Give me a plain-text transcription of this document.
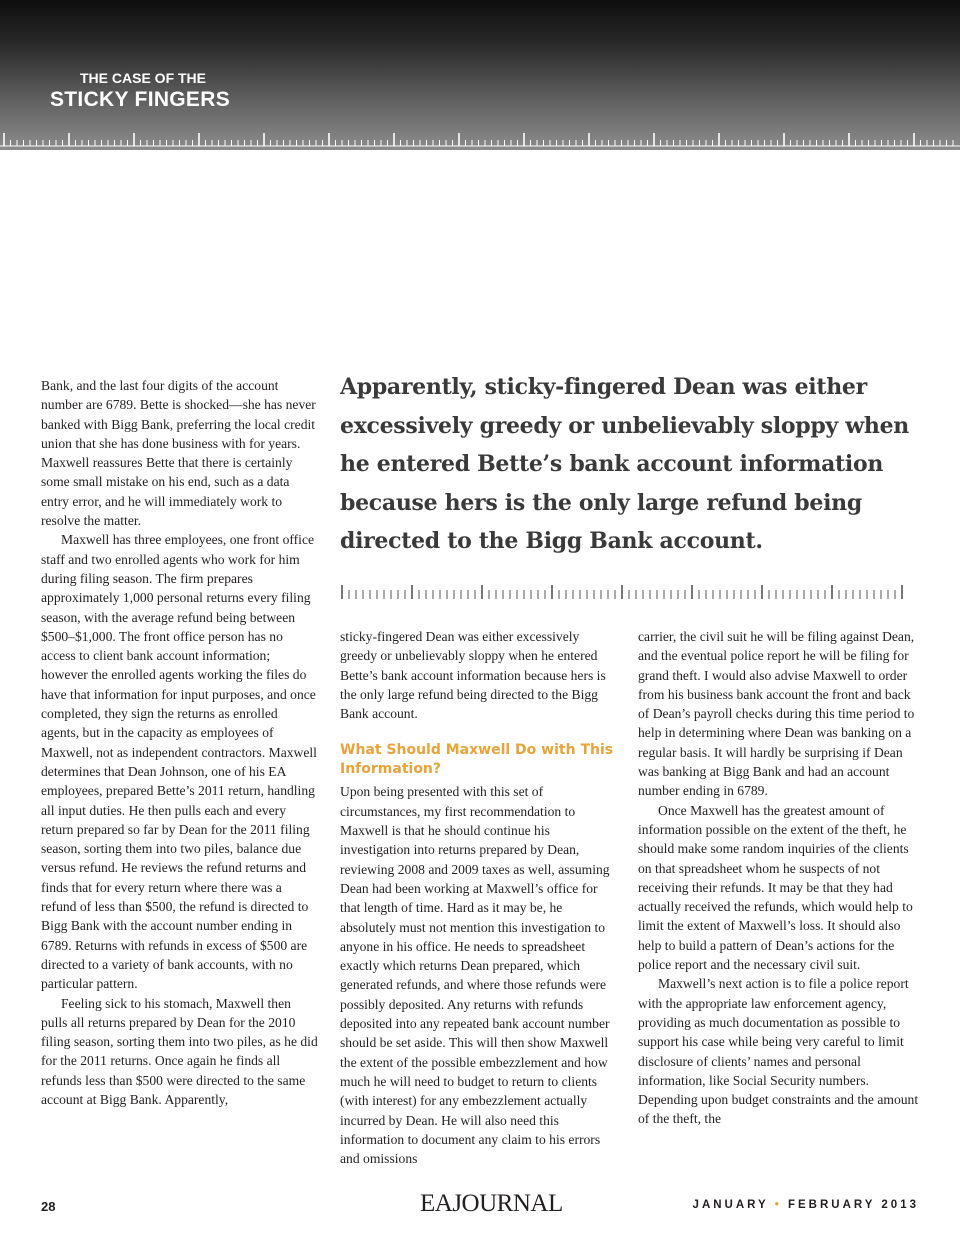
THE CASE OF THE
STICKY FINGERS

Bank, and the last four digits of the account number are 6789. Bette is shocked—she has never banked with Bigg Bank, preferring the local credit union that she has done business with for years. Maxwell reassures Bette that there is certainly some small mistake on his end, such as a data entry error, and he will immediately work to resolve the matter.

Maxwell has three employees, one front office staff and two enrolled agents who work for him during filing season. The firm prepares approximately 1,000 personal returns every filing season, with the average refund being between $500–$1,000. The front office person has no access to client bank account information; however the enrolled agents working the files do have that information for input purposes, and once completed, they sign the returns as enrolled agents, but in the capacity as employees of Maxwell, not as independent contractors. Maxwell determines that Dean Johnson, one of his EA employees, prepared Bette’s 2011 return, handling all input duties. He then pulls each and every return prepared so far by Dean for the 2011 filing season, sorting them into two piles, balance due versus refund. He reviews the refund returns and finds that for every return where there was a refund of less than $500, the refund is directed to Bigg Bank with the account number ending in 6789. Returns with refunds in excess of $500 are directed to a variety of bank accounts, with no particular pattern.

Feeling sick to his stomach, Maxwell then pulls all returns prepared by Dean for the 2010 filing season, sorting them into two piles, as he did for the 2011 returns. Once again he finds all refunds less than $500 were directed to the same account at Bigg Bank. Apparently,

Apparently, sticky-fingered Dean was either excessively greedy or unbelievably sloppy when he entered Bette’s bank account information because hers is the only large refund being directed to the Bigg Bank account.

sticky-fingered Dean was either excessively greedy or unbelievably sloppy when he entered Bette’s bank account information because hers is the only large refund being directed to the Bigg Bank account.

What Should Maxwell Do with This Information?

Upon being presented with this set of circumstances, my first recommendation to Maxwell is that he should continue his investigation into returns prepared by Dean, reviewing 2008 and 2009 taxes as well, assuming Dean had been working at Maxwell’s office for that length of time. Hard as it may be, he absolutely must not mention this investigation to anyone in his office. He needs to spreadsheet exactly which returns Dean prepared, which generated refunds, and where those refunds were possibly deposited. Any returns with refunds deposited into any repeated bank account number should be set aside. This will then show Maxwell the extent of the possible embezzlement and how much he will need to budget to return to clients (with interest) for any embezzlement actually incurred by Dean. He will also need this information to document any claim to his errors and omissions

carrier, the civil suit he will be filing against Dean, and the eventual police report he will be filing for grand theft. I would also advise Maxwell to order from his business bank account the front and back of Dean’s payroll checks during this time period to help in determining where Dean was banking on a regular basis. It will hardly be surprising if Dean was banking at Bigg Bank and had an account number ending in 6789.

Once Maxwell has the greatest amount of information possible on the extent of the theft, he should make some random inquiries of the clients on that spreadsheet whom he suspects of not receiving their refunds. It may be that they had actually received the refunds, which would help to limit the extent of Maxwell’s loss. It should also help to build a pattern of Dean’s actions for the police report and the necessary civil suit.

Maxwell’s next action is to file a police report with the appropriate law enforcement agency, providing as much documentation as possible to support his case while being very careful to limit disclosure of clients’ names and personal information, like Social Security numbers. Depending upon budget constraints and the amount of the theft, the

28	EAJOURNAL	JANUARY • FEBRUARY 2013
